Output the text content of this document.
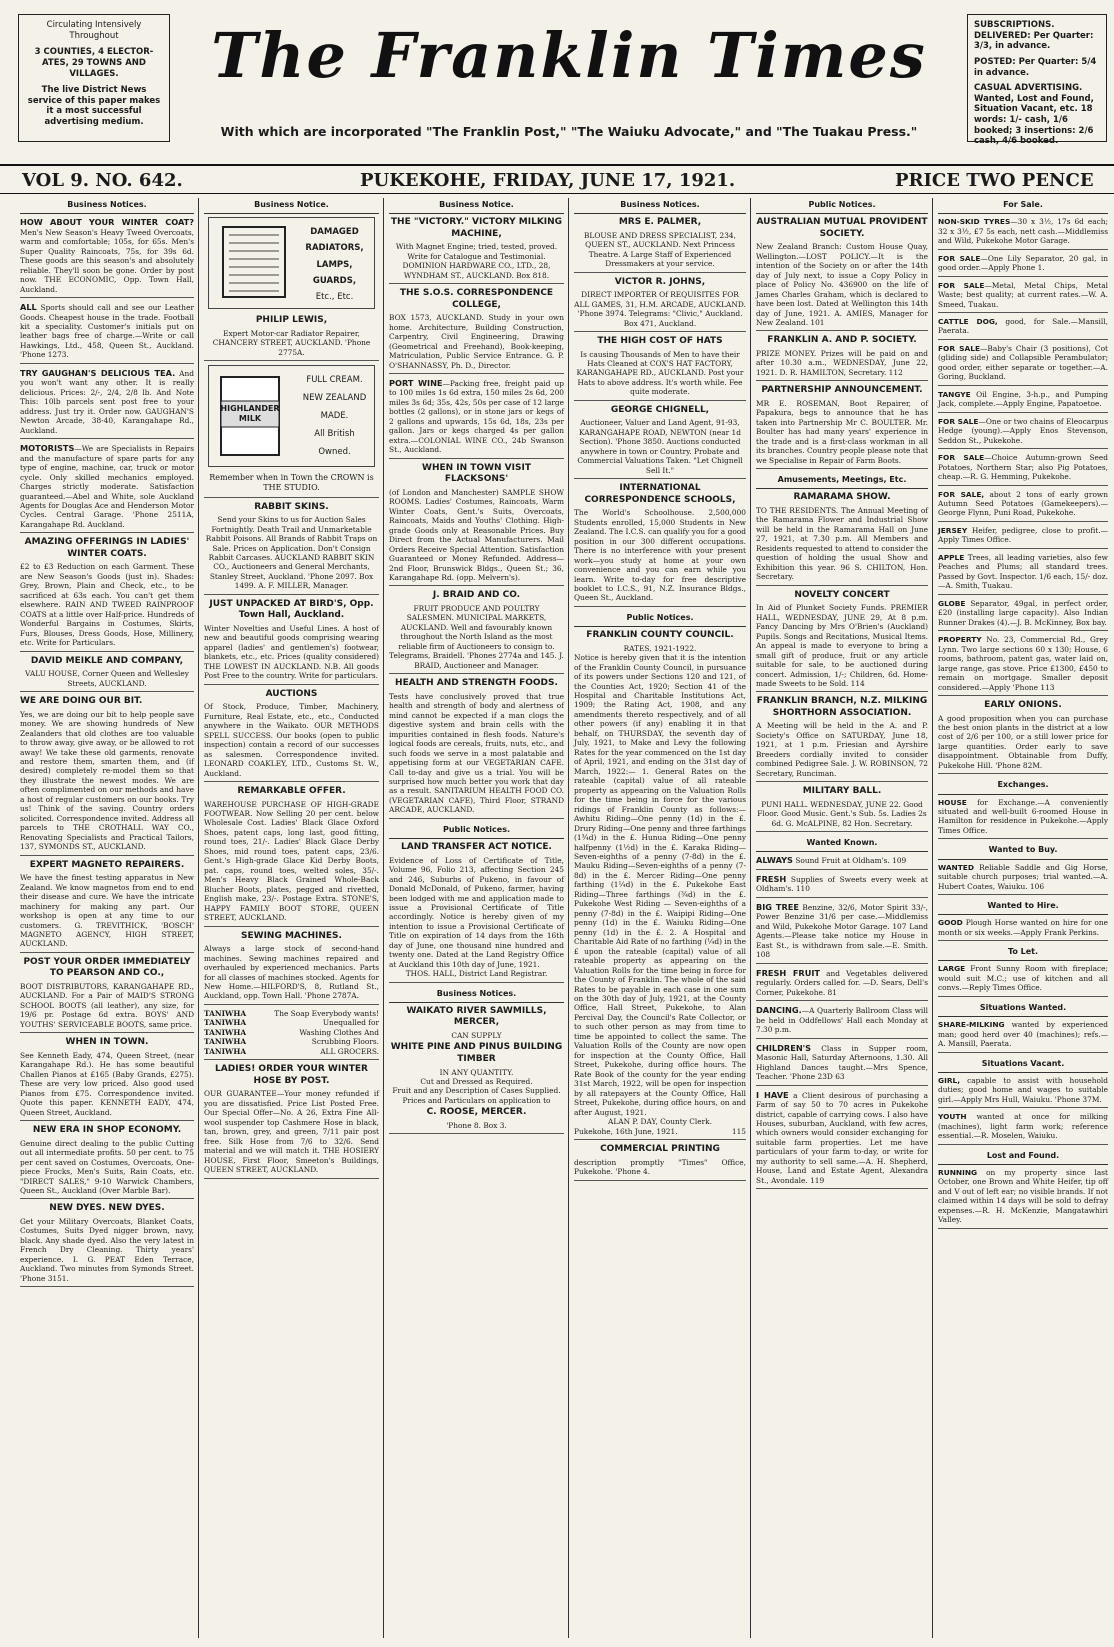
Circulating Intensively Throughout

3 COUNTIES, 4 ELECTOR-ATES, 29 TOWNS AND VILLAGES.

The live District News service of this paper makes it a most successful advertising medium.

The Franklin Times
With which are incorporated "The Franklin Post," "The Waiuku Advocate," and "The Tuakau Press."

SUBSCRIPTIONS. DELIVERED: Per Quarter: 3/3, in advance.

POSTED: Per Quarter: 5/4 in advance.

CASUAL ADVERTISING. Wanted, Lost and Found, Situation Vacant, etc. 18 words: 1/- cash, 1/6 booked; 3 insertions: 2/6 cash, 4/6 booked.

VOL 9. NO. 642.	PUKEKOHE, FRIDAY, JUNE 17, 1921.	PRICE TWO PENCE
Business Notices.
HOW ABOUT YOUR WINTER COAT? Men's New Season's Heavy Tweed Overcoats, warm and comfortable; 105s, for 65s. Men's Super Quality Raincoats, 75s, for 39s 6d. These goods are this season's and absolutely reliable. They'll soon be gone. Order by post now. THE ECONOMIC, Opp. Town Hall, Auckland.
ALL Sports should call and see our Leather Goods. Cheapest house in the trade. Football kit a speciality. Customer's initials put on leather bags free of charge.—Write or call Hawkings, Ltd., 458, Queen St., Auckland. 'Phone 1273.
TRY GAUGHAN'S DELICIOUS TEA. And you won't want any other. It is really delicious. Prices: 2/-, 2/4, 2/8 lb. And Note This: 10lb parcels sent post free to your address. Just try it. Order now. GAUGHAN'S Newton Arcade, 38-40, Karangahape Rd., Auckland.
MOTORISTS—We are Specialists in Repairs and the manufacture of spare parts for any type of engine, machine, car, truck or motor cycle. Only skilled mechanics employed. Charges strictly moderate. Satisfaction guaranteed.—Abel and White, sole Auckland Agents for Douglas Ace and Henderson Motor Cycles. Central Garage. 'Phone 2511A, Karangahape Rd. Auckland.
AMAZING OFFERINGS IN LADIES' WINTER COATS.
£2 to £3 Reduction on each Garment. These are New Season's Goods (just in). Shades: Grey, Brown, Plain and Check, etc., to be sacrificed at 63s each. You can't get them elsewhere. RAIN AND TWEED RAINPROOF COATS at a little over Half-price. Hundreds of Wonderful Bargains in Costumes, Skirts, Furs, Blouses, Dress Goods, Hose, Millinery, etc. Write for Particulars.
DAVID MEIKLE AND COMPANY,
VALU HOUSE, Corner Queen and Wellesley Streets, AUCKLAND.
WE ARE DOING OUR BIT.
Yes, we are doing our bit to help people save money. We are showing hundreds of New Zealanders that old clothes are too valuable to throw away, give away, or be allowed to rot away! We take these old garments, renovate and restore them, smarten them, and (if desired) completely re-model them so that they illustrate the newest modes. We are often complimented on our methods and have a host of regular customers on our books. Try us! Think of the saving. Country orders solicited. Correspondence invited. Address all parcels to THE CROTHALL WAY CO., Renovating Specialists and Practical Tailors, 137, SYMONDS ST., AUCKLAND.
EXPERT MAGNETO REPAIRERS.
We have the finest testing apparatus in New Zealand. We know magnetos from end to end their disease and cure. We have the intricate machinery for making any part. Our workshop is open at any time to our customers. G. TREVITHICK, 'BOSCH' MAGNETO AGENCY, HIGH STREET, AUCKLAND.
POST YOUR ORDER IMMEDIATELY TO PEARSON AND CO.,
BOOT DISTRIBUTORS, KARANGAHAPE RD., AUCKLAND. For a Pair of MAID'S STRONG SCHOOL BOOTS (all leather), any size, for 19/6 pr. Postage 6d extra. BOYS' AND YOUTHS' SERVICEABLE BOOTS, same price.
WHEN IN TOWN.
See Kenneth Eady, 474, Queen Street, (near Karangahape Rd.). He has some beautiful Challen Pianos at £165 (Baby Grands, £275). These are very low priced. Also good used Pianos from £75. Correspondence invited. Quote this paper. KENNETH EADY, 474, Queen Street, Auckland.
NEW ERA IN SHOP ECONOMY.
Genuine direct dealing to the public Cutting out all intermediate profits. 50 per cent. to 75 per cent saved on Costumes, Overcoats, One-piece Frocks, Men's Suits, Rain Coats, etc. "DIRECT SALES," 9-10 Warwick Chambers, Queen St., Auckland (Over Marble Bar).
NEW DYES. NEW DYES.
Get your Military Overcoats, Blanket Coats, Costumes, Suits Dyed nigger brown, navy, black. Any shade dyed. Also the very latest in French Dry Cleaning. Thirty years' experience. I. G. PEAT Eden Terrace, Auckland. Two minutes from Symonds Street. 'Phone 3151.
Business Notice.
DAMAGED
RADIATORS,
LAMPS,
GUARDS,
Etc., Etc.
PHILIP LEWIS,
Expert Motor-car Radiator Repairer, CHANCERY STREET, AUCKLAND. 'Phone 2775A.
HIGHLANDER MILK
FULL CREAM.
NEW ZEALAND
MADE.
All British
Owned.
Remember when in Town the CROWN is THE STUDIO.
RABBIT SKINS.
Send your Skins to us for Auction Sales Fortnightly. Death Trail and Unmarketable Rabbit Poisons. All Brands of Rabbit Traps on Sale. Prices on Application. Don't Consign Rabbit Carcases. AUCKLAND RABBIT SKIN CO., Auctioneers and General Merchants, Stanley Street, Auckland. 'Phone 2097. Box 1499. A. F. MILLER, Manager.
JUST UNPACKED AT BIRD'S, Opp. Town Hall, Auckland.
Winter Novelties and Useful Lines. A host of new and beautiful goods comprising wearing apparel (ladies' and gentlemen's) footwear, blankets, etc., etc. Prices (quality considered) THE LOWEST IN AUCKLAND. N.B. All goods Post Free to the country. Write for particulars.
AUCTIONS
Of Stock, Produce, Timber, Machinery, Furniture, Real Estate, etc., etc., Conducted anywhere in the Waikato. OUR METHODS SPELL SUCCESS. Our books (open to public inspection) contain a record of our successes as salesmen. Correspondence invited. LEONARD COAKLEY, LTD., Customs St. W., Auckland.
REMARKABLE OFFER.
WAREHOUSE PURCHASE OF HIGH-GRADE FOOTWEAR. Now Selling 20 per cent. below Wholesale Cost. Ladies' Black Glace Oxford Shoes, patent caps, long last, good fitting, round toes, 21/-. Ladies' Black Glace Derby Shoes, mid round toes, patent caps, 23/6. Gent.'s High-grade Glace Kid Derby Boots, pat. caps, round toes, welted soles, 35/-. Men's Heavy Black Grained Whole-Back Blucher Boots, plates, pegged and rivetted, English make, 23/-. Postage Extra. STONE'S, HAPPY FAMILY BOOT STORE, QUEEN STREET, AUCKLAND.
SEWING MACHINES.
Always a large stock of second-hand machines. Sewing machines repaired and overhauled by experienced mechanics. Parts for all classes of machines stocked. Agents for New Home.—HILFORD'S, 8, Rutland St., Auckland, opp. Town Hall. 'Phone 2787A.
TANIWHA	The Soap Everybody wants!
TANIWHA	Unequalled for
TANIWHA	Washing Clothes And
TANIWHA	Scrubbing Floors.
TANIWHA	ALL GROCERS.
LADIES! ORDER YOUR WINTER HOSE BY POST.
OUR GUARANTEE—Your money refunded if you are dissatisfied. Price List Posted Free. Our Special Offer—No. A 26, Extra Fine All-wool suspender top Cashmere Hose in black, tan, brown, grey, and green, 7/11 pair post free. Silk Hose from 7/6 to 32/6. Send material and we will match it. THE HOSIERY HOUSE, First Floor, Smeeton's Buildings, QUEEN STREET, AUCKLAND.
Business Notice.
THE "VICTORY." VICTORY MILKING MACHINE,
With Magnet Engine; tried, tested, proved. Write for Catalogue and Testimonial. DOMINION HARDWARE CO., LTD., 28, WYNDHAM ST., AUCKLAND. Box 818.
THE S.O.S. CORRESPONDENCE COLLEGE,
BOX 1573, AUCKLAND. Study in your own home. Architecture, Building Construction, Carpentry, Civil Engineering, Drawing (Geometrical and Freehand), Book-keeping, Matriculation, Public Service Entrance. G. P. O'SHANNASSY, Ph. D., Director.
PORT WINE—Packing free, freight paid up to 100 miles 1s 6d extra, 150 miles 2s 6d, 200 miles 3s 6d; 35s, 42s, 50s per case of 12 large bottles (2 gallons), or in stone jars or kegs of 2 gallons and upwards, 15s 6d, 18s, 23s per gallon. Jars or kegs charged 4s per gallon extra.—COLONIAL WINE CO., 24b Swanson St., Auckland.
WHEN IN TOWN VISIT FLACKSONS'
(of London and Manchester) SAMPLE SHOW ROOMS. Ladies' Costumes, Raincoats, Warm Winter Coats, Gent.'s Suits, Overcoats, Raincoats, Maids and Youths' Clothing. High-grade Goods only at Reasonable Prices. Buy Direct from the Actual Manufacturers. Mail Orders Receive Special Attention. Satisfaction Guaranteed or Money Refunded. Address—2nd Floor, Brunswick Bldgs., Queen St.; 36, Karangahape Rd. (opp. Melvern's).
J. BRAID AND CO.
FRUIT PRODUCE AND POULTRY SALESMEN. MUNICIPAL MARKETS, AUCKLAND. Well and favourably known throughout the North Island as the most reliable firm of Auctioneers to consign to. Telegrams, Braidell. 'Phones 2774a and 145. J. BRAID, Auctioneer and Manager.
HEALTH AND STRENGTH FOODS.
Tests have conclusively proved that true health and strength of body and alertness of mind cannot be expected if a man clogs the digestive system and brain cells with the impurities contained in flesh foods. Nature's logical foods are cereals, fruits, nuts, etc., and such foods we serve in a most palatable and appetising form at our VEGETARIAN CAFE. Call to-day and give us a trial. You will be surprised how much better you work that day as a result. SANITARIUM HEALTH FOOD CO. (VEGETARIAN CAFE), Third Floor, STRAND ARCADE, AUCKLAND.
Public Notices.
LAND TRANSFER ACT NOTICE.
Evidence of Loss of Certificate of Title, Volume 96, Folio 213, affecting Section 245 and 246, Suburbs of Pukeno, in favour of Donald McDonald, of Pukeno, farmer, having been lodged with me and application made to issue a Provisional Certificate of Title accordingly. Notice is hereby given of my intention to issue a Provisional Certificate of Title on expiration of 14 days from the 16th day of June, one thousand nine hundred and twenty one. Dated at the Land Registry Office at Auckland this 10th day of June, 1921.
THOS. HALL, District Land Registrar.
Business Notices.
WAIKATO RIVER SAWMILLS, MERCER,
CAN SUPPLY
WHITE PINE AND PINUS BUILDING TIMBER
IN ANY QUANTITY.
Cut and Dressed as Required.
Fruit and any Description of Cases Supplied.
Prices and Particulars on application to
C. ROOSE, MERCER.
'Phone 8. Box 3.
Business Notices.
MRS E. PALMER,
BLOUSE AND DRESS SPECIALIST, 234, QUEEN ST., AUCKLAND. Next Princess Theatre. A Large Staff of Experienced Dressmakers at your service.
VICTOR R. JOHNS,
DIRECT IMPORTER Of REQUISITES FOR ALL GAMES, 31, H.M. ARCADE, AUCKLAND. 'Phone 3974. Telegrams: "Clivic," Auckland. Box 471, Auckland.
THE HIGH COST OF HATS
Is causing Thousands of Men to have their Hats Cleaned at COX'S HAT FACTORY, KARANGAHAPE RD., AUCKLAND. Post your Hats to above address. It's worth while. Fee quite moderate.
GEORGE CHIGNELL,
Auctioneer, Valuer and Land Agent, 91-93, KARANGAHAPE ROAD, NEWTON (near 1d Section). 'Phone 3850. Auctions conducted anywhere in town or Country. Probate and Commercial Valuations Taken. "Let Chignell Sell It."
INTERNATIONAL CORRESPONDENCE SCHOOLS,
The World's Schoolhouse. 2,500,000 Students enrolled, 15,000 Students in New Zealand. The I.C.S. can qualify you for a good position in our 300 different occupations. There is no interference with your present work—you study at home at your own convenience and you can earn while you learn. Write to-day for free descriptive booklet to I.C.S., 91, N.Z. Insurance Bldgs., Queen St., Auckland.
Public Notices.
FRANKLIN COUNTY COUNCIL.
RATES, 1921-1922.
Notice is hereby given that it is the intention of the Franklin County Council, in pursuance of its powers under Sections 120 and 121, of the Counties Act, 1920; Section 41 of the Hospital and Charitable Institutions Act, 1909; the Rating Act, 1908, and any amendments thereto respectively, and of all other powers (if any) enabling it in that behalf, on THURSDAY, the seventh day of July, 1921, to Make and Levy the following Rates for the year commenced on the 1st day of April, 1921, and ending on the 31st day of March, 1922:— 1. General Rates on the rateable (capital) value of all rateable property as appearing on the Valuation Rolls for the time being in force for the various ridings of Franklin County as follows:— Awhitu Riding—One penny (1d) in the £. Drury Riding—One penny and three farthings (1¾d) in the £. Hunua Riding—One penny halfpenny (1½d) in the £. Karaka Riding—Seven-eighths of a penny (7-8d) in the £. Mauku Riding—Seven-eighths of a penny (7-8d) in the £. Mercer Riding—One penny farthing (1¼d) in the £. Pukekohe East Riding—Three farthings (¾d) in the £. Pukekohe West Riding — Seven-eighths of a penny (7-8d) in the £. Waipipi Riding—One penny (1d) in the £. Waiuku Riding—One penny (1d) in the £. 2. A Hospital and Charitable Aid Rate of no farthing (¼d) in the £ upon the rateable (capital) value of all rateable property as appearing on the Valuation Rolls for the time being in force for the County of Franklin. The whole of the said Rates to be payable in each case in one sum on the 30th day of July, 1921, at the County Office, Hall Street, Pukekohe, to Alan Percival Day, the Council's Rate Collector, or to such other person as may from time to time be appointed to collect the same. The Valuation Rolls of the County are now open for inspection at the County Office, Hall Street, Pukekohe, during office hours. The Rate Book of the county for the year ending 31st March, 1922, will be open for inspection by all ratepayers at the County Office, Hall Street, Pukekohe, during office hours, on and after August, 1921.
ALAN P. DAY, County Clerk.
Pukekohe, 16th June, 1921.	115
COMMERCIAL PRINTING
description promptly "Times" Office, Pukekohe. 'Phone 4.
Public Notices.
AUSTRALIAN MUTUAL PROVIDENT SOCIETY.
New Zealand Branch: Custom House Quay, Wellington.—LOST POLICY.—It is the intention of the Society on or after the 14th day of July next, to issue a Copy Policy in place of Policy No. 436900 on the life of James Charles Graham, which is declared to have been lost. Dated at Wellington this 14th day of June, 1921. A. AMIES, Manager for New Zealand. 101
FRANKLIN A. AND P. SOCIETY.
PRIZE MONEY. Prizes will be paid on and after 10.30 a.m., WEDNESDAY, June 22, 1921. D. R. HAMILTON, Secretary. 112
PARTNERSHIP ANNOUNCEMENT.
MR E. ROSEMAN, Boot Repairer, of Papakura, begs to announce that he has taken into Partnership Mr C. BOULTER. Mr. Boulter has had many years' experience in the trade and is a first-class workman in all its branches. Country people please note that we Specialise in Repair of Farm Boots.
Amusements, Meetings, Etc.
RAMARAMA SHOW.
TO THE RESIDENTS. The Annual Meeting of the Ramarama Flower and Industrial Show will be held in the Ramarama Hall on June 27, 1921, at 7.30 p.m. All Members and Residents requested to attend to consider the question of holding the usual Show and Exhibition this year. 96 S. CHILTON, Hon. Secretary.
NOVELTY CONCERT
In Aid of Plunket Society Funds. PREMIER HALL, WEDNESDAY, JUNE 29, At 8 p.m. Fancy Dancing by Mrs O'Brien's (Auckland) Pupils. Songs and Recitations, Musical Items. An appeal is made to everyone to bring a small gift of produce, fruit or any article suitable for sale, to be auctioned during concert. Admission, 1/-; Children, 6d. Home-made Sweets to be Sold. 114
FRANKLIN BRANCH, N.Z. MILKING SHORTHORN ASSOCIATION.
A Meeting will be held in the A. and P. Society's Office on SATURDAY, June 18, 1921, at 1 p.m. Friesian and Ayrshire Breeders cordially invited to consider combined Pedigree Sale. J. W. ROBINSON, 72 Secretary, Runciman.
MILITARY BALL.
PUNI HALL. WEDNESDAY, JUNE 22. Good Floor. Good Music. Gent.'s Sub. 5s. Ladies 2s 6d. G. McALPINE, 82 Hon. Secretary.
Wanted Known.
ALWAYS Sound Fruit at Oldham's. 109
FRESH Supplies of Sweets every week at Oldham's. 110
BIG TREE Benzine, 32/6, Motor Spirit 33/-, Power Benzine 31/6 per case.—Middlemiss and Wild, Pukekohe Motor Garage. 107 Land Agents.—Please take notice my House in East St., is withdrawn from sale.—E. Smith. 108
FRESH FRUIT and Vegetables delivered regularly. Orders called for. —D. Sears, Dell's Corner, Pukekohe. 81
DANCING.—A Quarterly Ballroom Class will be held in Oddfellows' Hall each Monday at 7.30 p.m.
CHILDREN'S Class in Supper room, Masonic Hall, Saturday Afternoons, 1.30. All Highland Dances taught.—Mrs Spence, Teacher. 'Phone 23D 63
I HAVE a Client desirous of purchasing a Farm of say 50 to 70 acres in Pukekohe district, capable of carrying cows. I also have Houses, suburban, Auckland, with few acres, which owners would consider exchanging for suitable farm properties. Let me have particulars of your farm to-day, or write for my authority to sell same.—A. H. Shepherd, House, Land and Estate Agent, Alexandra St., Avondale. 119
For Sale.
NON-SKID TYRES—30 x 3½, 17s 6d each; 32 x 3½, £7 5s each, nett cash.—Middlemiss and Wild, Pukekohe Motor Garage.
FOR SALE—One Lily Separator, 20 gal, in good order.—Apply Phone 1.
FOR SALE—Metal, Metal Chips, Metal Waste; best quality; at current rates.—W. A. Smeed, Tuakau.
CATTLE DOG, good, for Sale.—Mansill, Paerata.
FOR SALE—Baby's Chair (3 positions), Cot (gliding side) and Collapsible Perambulator; good order, either separate or together.—A. Goring, Buckland.
TANGYE Oil Engine, 3-h.p., and Pumping Jack, complete.—Apply Engine, Papatoetoe.
FOR SALE—One or two chains of Eleocarpus Hedge (young).—Apply Enos Stevenson, Seddon St., Pukekohe.
FOR SALE—Choice Autumn-grown Seed Potatoes, Northern Star; also Pig Potatoes, cheap.—R. G. Hemming, Pukekohe.
FOR SALE, about 2 tons of early grown Autumn Seed Potatoes (Gamekeepers).—George Flynn, Puni Road, Pukekohe.
JERSEY Heifer, pedigree, close to profit.—Apply Times Office.
APPLE Trees, all leading varieties, also few Peaches and Plums; all standard trees. Passed by Govt. Inspector. 1/6 each, 15/- doz.—A. Smith, Tuakau.
GLOBE Separator, 49gal, in perfect order, £20 (installing large capacity). Also Indian Runner Drakes (4).—J. B. McKinney, Box bay.
PROPERTY No. 23, Commercial Rd., Grey Lynn. Two large sections 60 x 130; House, 6 rooms, bathroom, patent gas, water laid on, large range, gas stove. Price £1300, £450 to remain on mortgage. Smaller deposit considered.—Apply 'Phone 113
EARLY ONIONS.
A good proposition when you can purchase the best onion plants in the district at a low cost of 2/6 per 100, or a still lower price for large quantities. Order early to save disappointment. Obtainable from Duffy, Pukekohe Hill. 'Phone 82M.
Exchanges.
HOUSE for Exchange.—A conveniently situated and well-built 6-roomed House in Hamilton for residence in Pukekohe.—Apply Times Office.
Wanted to Buy.
WANTED Reliable Saddle and Gig Horse, suitable church purposes; trial wanted.—A. Hubert Coates, Waiuku. 106
Wanted to Hire.
GOOD Plough Horse wanted on hire for one month or six weeks.—Apply Frank Perkins.
To Let.
LARGE Front Sunny Room with fireplace; would suit M.C.; use of kitchen and all convs.—Reply Times Office.
Situations Wanted.
SHARE-MILKING wanted by experienced man; good herd over 40 (machines); refs.—A. Mansill, Paerata.
Situations Vacant.
GIRL, capable to assist with household duties; good home and wages to suitable girl.—Apply Mrs Hull, Waiuku. 'Phone 37M.
YOUTH wanted at once for milking (machines), light farm work; reference essential.—R. Moselen, Waiuku.
Lost and Found.
RUNNING on my property since last October, one Brown and White Heifer, tip off and V out of left ear; no visible brands. If not claimed within 14 days will be sold to defray expenses.—R. H. McKenzie, Mangatawhiri Valley.
